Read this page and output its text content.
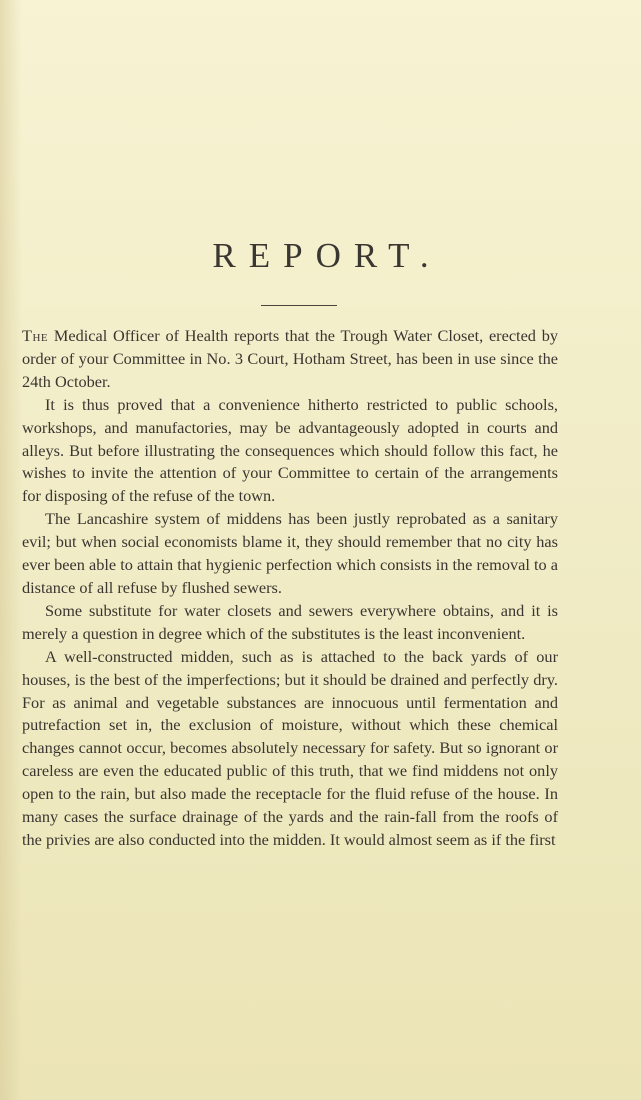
REPORT.

The Medical Officer of Health reports that the Trough Water Closet, erected by order of your Committee in No. 3 Court, Hotham Street, has been in use since the 24th October.

It is thus proved that a convenience hitherto restricted to public schools, workshops, and manufactories, may be advantageously adopted in courts and alleys. But before illustrating the consequences which should follow this fact, he wishes to invite the attention of your Committee to certain of the arrangements for disposing of the refuse of the town.

The Lancashire system of middens has been justly reprobated as a sanitary evil; but when social economists blame it, they should remember that no city has ever been able to attain that hygienic perfection which consists in the removal to a distance of all refuse by flushed sewers.

Some substitute for water closets and sewers everywhere obtains, and it is merely a question in degree which of the substitutes is the least inconvenient.

A well-constructed midden, such as is attached to the back yards of our houses, is the best of the imperfections; but it should be drained and perfectly dry. For as animal and vegetable substances are innocuous until fermentation and putrefaction set in, the exclusion of moisture, without which these chemical changes cannot occur, becomes absolutely necessary for safety. But so ignorant or careless are even the educated public of this truth, that we find middens not only open to the rain, but also made the receptacle for the fluid refuse of the house. In many cases the surface drainage of the yards and the rain-fall from the roofs of the privies are also conducted into the midden. It would almost seem as if the first
